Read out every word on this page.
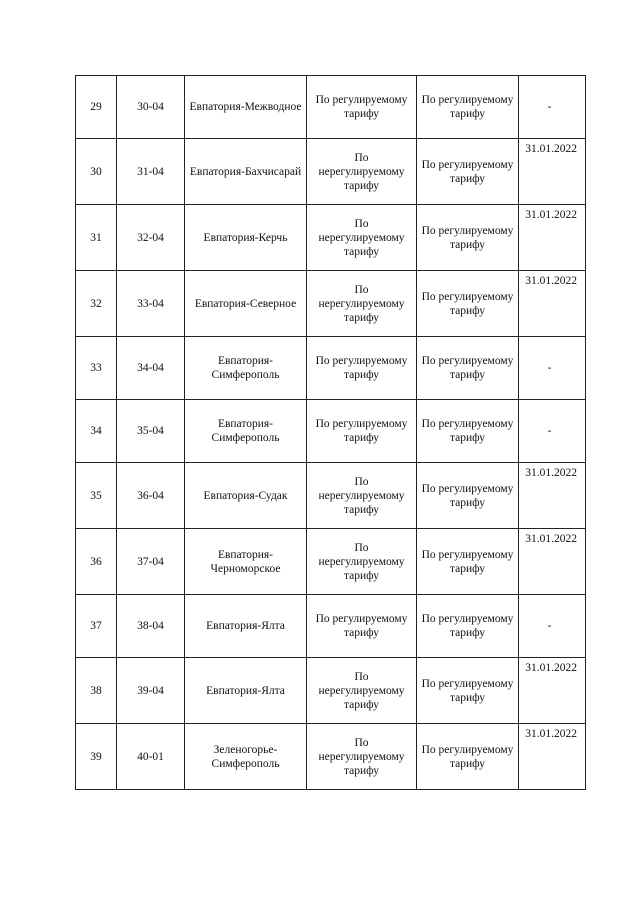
29	30-04	Евпатория-Межводное	По регулируемому тарифу	По регулируемому тарифу	-
30	31-04	Евпатория-Бахчисарай	По нерегулируемому тарифу	По регулируемому тарифу	31.01.2022
31	32-04	Евпатория-Керчь	По нерегулируемому тарифу	По регулируемому тарифу	31.01.2022
32	33-04	Евпатория-Северное	По нерегулируемому тарифу	По регулируемому тарифу	31.01.2022
33	34-04	Евпатория-Симферополь	По регулируемому тарифу	По регулируемому тарифу	-
34	35-04	Евпатория-Симферополь	По регулируемому тарифу	По регулируемому тарифу	-
35	36-04	Евпатория-Судак	По нерегулируемому тарифу	По регулируемому тарифу	31.01.2022
36	37-04	Евпатория-Черноморское	По нерегулируемому тарифу	По регулируемому тарифу	31.01.2022
37	38-04	Евпатория-Ялта	По регулируемому тарифу	По регулируемому тарифу	-
38	39-04	Евпатория-Ялта	По нерегулируемому тарифу	По регулируемому тарифу	31.01.2022
39	40-01	Зеленогорье-Симферополь	По нерегулируемому тарифу	По регулируемому тарифу	31.01.2022
